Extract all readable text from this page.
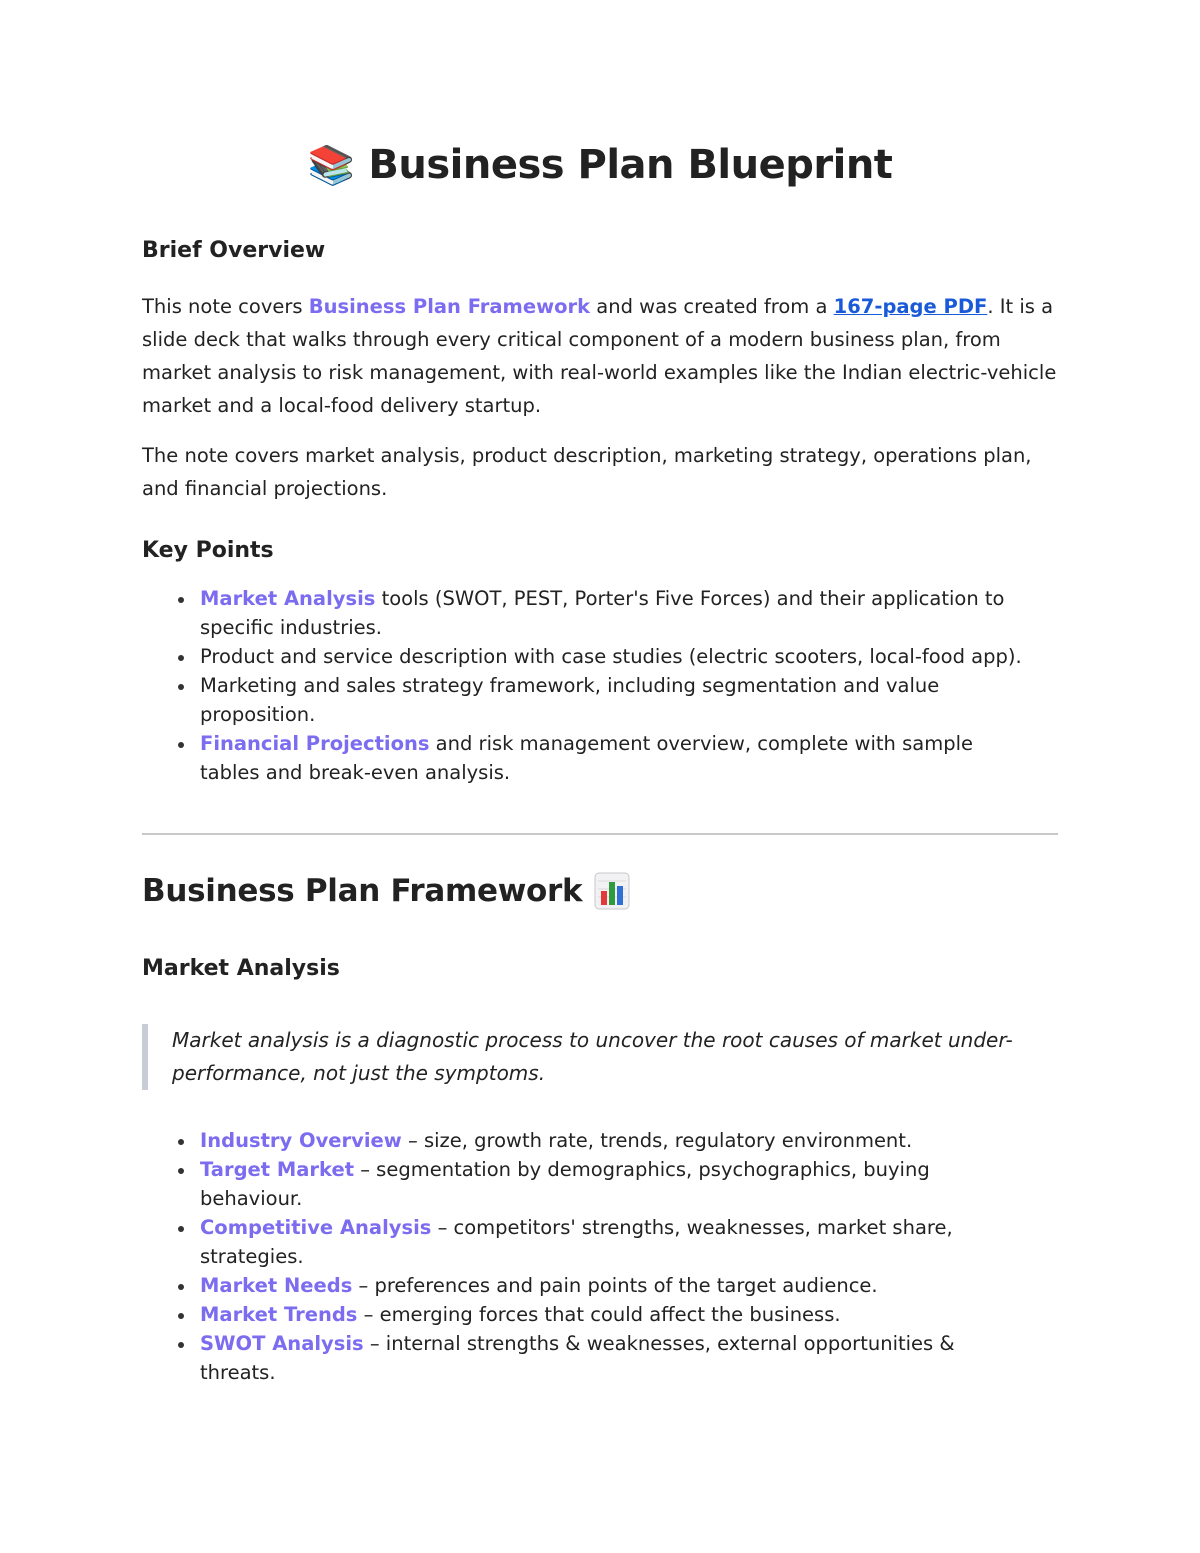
📚 Business Plan Blueprint
Brief Overview

This note covers Business Plan Framework and was created from a 167-page PDF. It is a slide deck that walks through every critical component of a modern business plan, from market analysis to risk management, with real-world examples like the Indian electric-vehicle market and a local-food delivery startup.

The note covers market analysis, product description, marketing strategy, operations plan, and financial projections.

Key Points
Market Analysis tools (SWOT, PEST, Porter's Five Forces) and their application to specific industries.
Product and service description with case studies (electric scooters, local-food app).
Marketing and sales strategy framework, including segmentation and value proposition.
Financial Projections and risk management overview, complete with sample tables and break-even analysis.
Business Plan Framework
Market Analysis
Market analysis is a diagnostic process to uncover the root causes of market under-performance, not just the symptoms.
Industry Overview – size, growth rate, trends, regulatory environment.
Target Market – segmentation by demographics, psychographics, buying behaviour.
Competitive Analysis – competitors' strengths, weaknesses, market share, strategies.
Market Needs – preferences and pain points of the target audience.
Market Trends – emerging forces that could affect the business.
SWOT Analysis – internal strengths & weaknesses, external opportunities & threats.
